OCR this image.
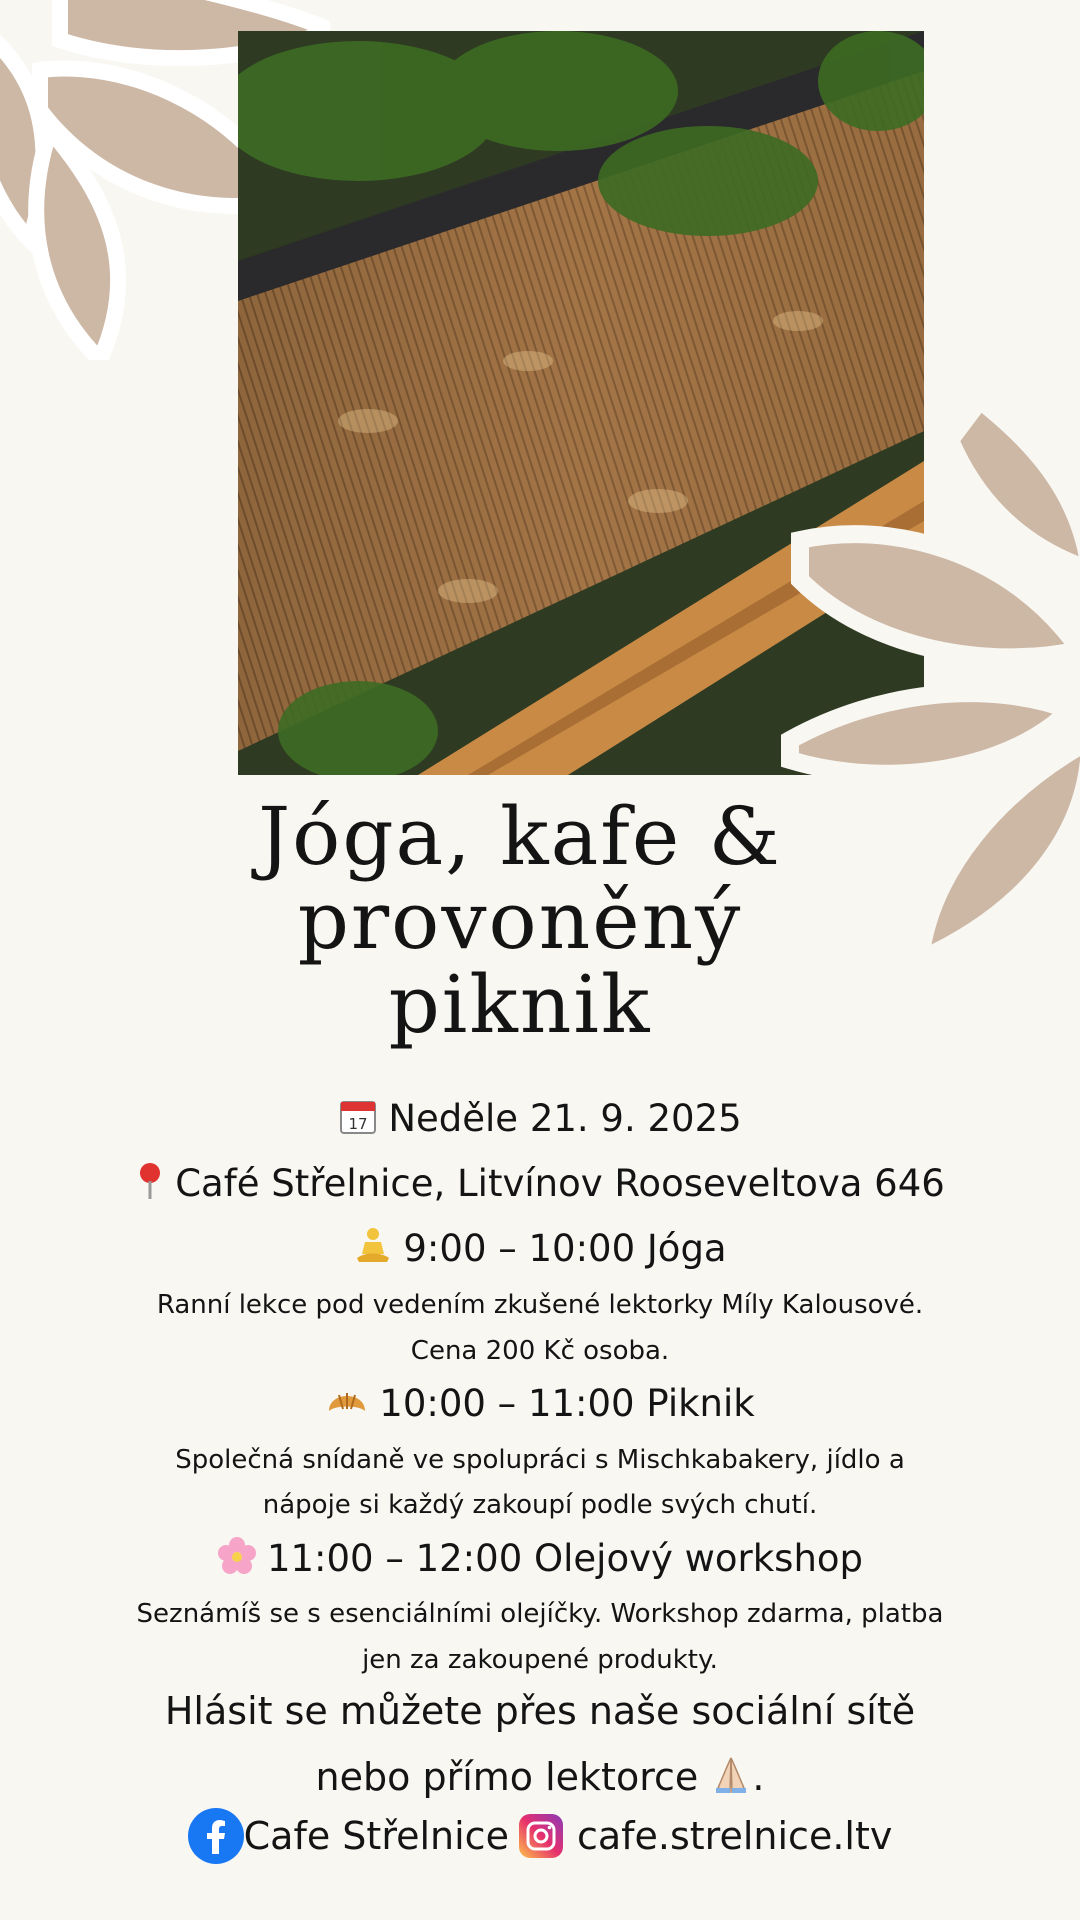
Jóga, kafe &
provoněný
piknik
17 Neděle 21. 9. 2025
Café Střelnice, Litvínov Rooseveltova 646
9:00 – 10:00 Jóga
Ranní lekce pod vedením zkušené lektorky Míly Kalousové.
Cena 200 Kč osoba.
10:00 – 11:00 Piknik
Společná snídaně ve spolupráci s Mischkabakery, jídlo a
nápoje si každý zakoupí podle svých chutí.
11:00 – 12:00 Olejový workshop
Seznámíš se s esenciálními olejíčky. Workshop zdarma, platba
jen za zakoupené produkty.
Hlásit se můžete přes naše sociální sítě
nebo přímo lektorce .
Cafe Střelnice cafe.strelnice.ltv
